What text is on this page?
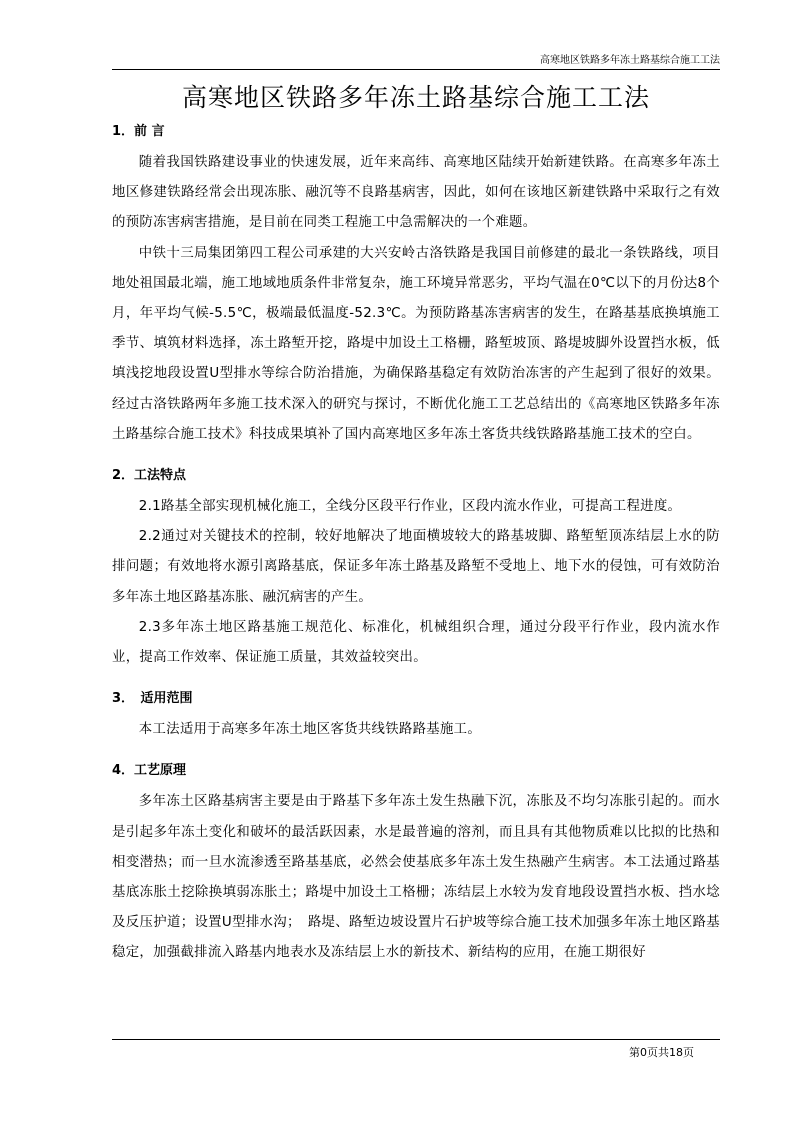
高寒地区铁路多年冻土路基综合施工工法
高寒地区铁路多年冻土路基综合施工工法

1．前 言

随着我国铁路建设事业的快速发展，近年来高纬、高寒地区陆续开始新建铁路。在高寒多年冻土地区修建铁路经常会出现冻胀、融沉等不良路基病害，因此，如何在该地区新建铁路中采取行之有效的预防冻害病害措施，是目前在同类工程施工中急需解决的一个难题。

中铁十三局集团第四工程公司承建的大兴安岭古洛铁路是我国目前修建的最北一条铁路线，项目地处祖国最北端，施工地域地质条件非常复杂，施工环境异常恶劣，平均气温在0℃以下的月份达8个月，年平均气候-5.5℃，极端最低温度-52.3℃。为预防路基冻害病害的发生，在路基基底换填施工季节、填筑材料选择，冻土路堑开挖，路堤中加设土工格栅，路堑坡顶、路堤坡脚外设置挡水板，低填浅挖地段设置U型排水等综合防治措施，为确保路基稳定有效防治冻害的产生起到了很好的效果。经过古洛铁路两年多施工技术深入的研究与探讨，不断优化施工工艺总结出的《高寒地区铁路多年冻土路基综合施工技术》科技成果填补了国内高寒地区多年冻土客货共线铁路路基施工技术的空白。

2．工法特点

2.1路基全部实现机械化施工，全线分区段平行作业，区段内流水作业，可提高工程进度。

2.2通过对关键技术的控制，较好地解决了地面横坡较大的路基坡脚、路堑堑顶冻结层上水的防排问题；有效地将水源引离路基底，保证多年冻土路基及路堑不受地上、地下水的侵蚀，可有效防治多年冻土地区路基冻胀、融沉病害的产生。

2.3多年冻土地区路基施工规范化、标准化，机械组织合理，通过分段平行作业，段内流水作业，提高工作效率、保证施工质量，其效益较突出。

3．　适用范围

本工法适用于高寒多年冻土地区客货共线铁路路基施工。

4．工艺原理

多年冻土区路基病害主要是由于路基下多年冻土发生热融下沉，冻胀及不均匀冻胀引起的。而水是引起多年冻土变化和破坏的最活跃因素，水是最普遍的溶剂，而且具有其他物质难以比拟的比热和相变潜热；而一旦水流渗透至路基基底，必然会使基底多年冻土发生热融产生病害。本工法通过路基基底冻胀土挖除换填弱冻胀土；路堤中加设土工格栅；冻结层上水较为发育地段设置挡水板、挡水埝及反压护道；设置U型排水沟；　路堤、路堑边坡设置片石护坡等综合施工技术加强多年冻土地区路基稳定，加强截排流入路基内地表水及冻结层上水的新技术、新结构的应用，在施工期很好

第0页共18页
